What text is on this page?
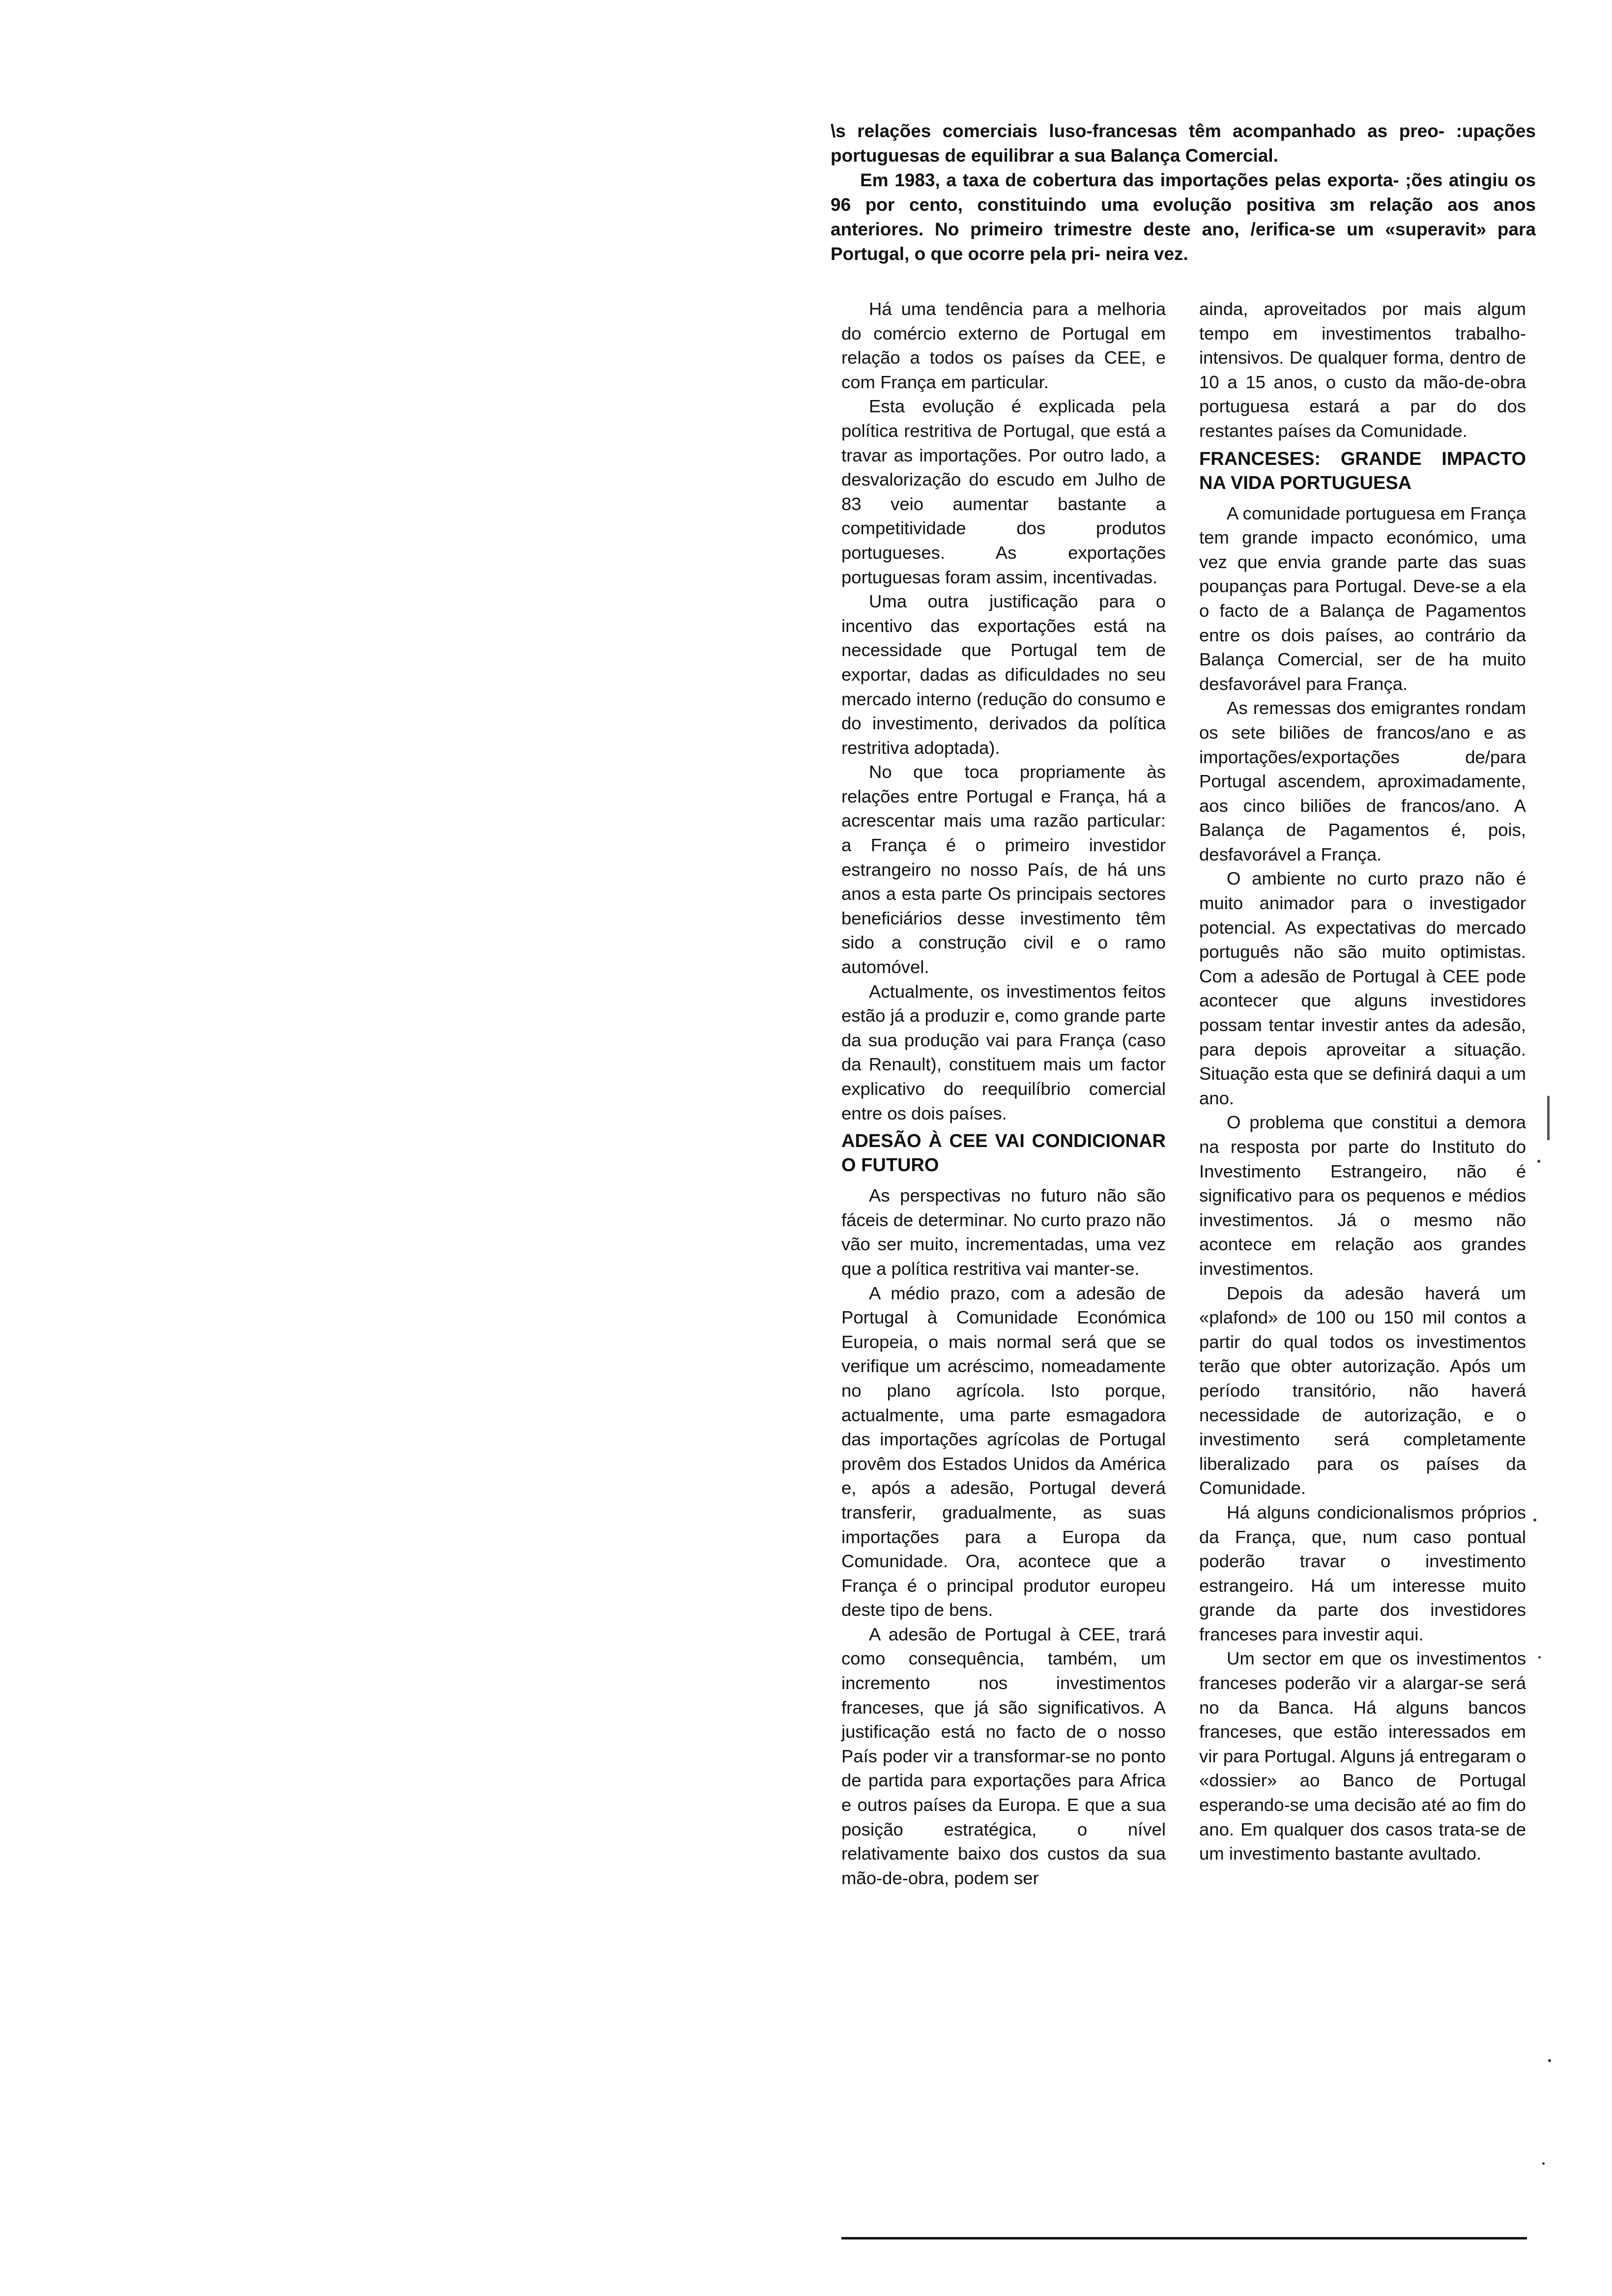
\s relações comerciais luso-francesas têm acompanhado as preo- :upações portuguesas de equilibrar a sua Balança Comercial.

Em 1983, a taxa de cobertura das importações pelas exporta- ;ões atingiu os 96 por cento, constituindo uma evolução positiva ɜm relação aos anos anteriores. No primeiro trimestre deste ano, /erifica-se um «superavit» para Portugal, o que ocorre pela pri- neira vez.

Há uma tendência para a melhoria do comércio externo de Portugal em relação a todos os países da CEE, e com França em particular.

Esta evolução é explicada pela política restritiva de Portugal, que está a travar as importações. Por outro lado, a desvalorização do escudo em Julho de 83 veio aumentar bastante a competitividade dos produtos portugueses. As exportações portuguesas foram assim, incentivadas.

Uma outra justificação para o incentivo das exportações está na necessidade que Portugal tem de exportar, dadas as dificuldades no seu mercado interno (redução do consumo e do investimento, derivados da política restritiva adoptada).

No que toca propriamente às relações entre Portugal e França, há a acrescentar mais uma razão particular: a França é o primeiro investidor estrangeiro no nosso País, de há uns anos a esta parte Os principais sectores beneficiários desse investimento têm sido a construção civil e o ramo automóvel.

Actualmente, os investimentos feitos estão já a produzir e, como grande parte da sua produção vai para França (caso da Renault), constituem mais um factor explicativo do reequilíbrio comercial entre os dois países.

ADESÃO À CEE VAI CONDICIONAR O FUTURO

As perspectivas no futuro não são fáceis de determinar. No curto prazo não vão ser muito, incrementadas, uma vez que a política restritiva vai manter-se.

A médio prazo, com a adesão de Portugal à Comunidade Económica Europeia, o mais normal será que se verifique um acréscimo, nomeadamente no plano agrícola. Isto porque, actualmente, uma parte esmagadora das importações agrícolas de Portugal provêm dos Estados Unidos da América e, após a adesão, Portugal deverá transferir, gradualmente, as suas importações para a Europa da Comunidade. Ora, acontece que a França é o principal produtor europeu deste tipo de bens.

A adesão de Portugal à CEE, trará como consequência, também, um incremento nos investimentos franceses, que já são significativos. A justificação está no facto de o nosso País poder vir a transformar-se no ponto de partida para exportações para Africa e outros países da Europa. E que a sua posição estratégica, o nível relativamente baixo dos custos da sua mão-de-obra, podem ser

ainda, aproveitados por mais algum tempo em investimentos trabalho-intensivos. De qualquer forma, dentro de 10 a 15 anos, o custo da mão-de-obra portuguesa estará a par do dos restantes países da Comunidade.

FRANCESES: GRANDE IMPACTO NA VIDA PORTUGUESA

A comunidade portuguesa em França tem grande impacto económico, uma vez que envia grande parte das suas poupanças para Portugal. Deve-se a ela o facto de a Balança de Pagamentos entre os dois países, ao contrário da Balança Comercial, ser de ha muito desfavorável para França.

As remessas dos emigrantes rondam os sete biliões de francos/ano e as importações/exportações de/para Portugal ascendem, aproximadamente, aos cinco biliões de francos/ano. A Balança de Pagamentos é, pois, desfavorável a França.

O ambiente no curto prazo não é muito animador para o investigador potencial. As expectativas do mercado português não são muito optimistas. Com a adesão de Portugal à CEE pode acontecer que alguns investidores possam tentar investir antes da adesão, para depois aproveitar a situação. Situação esta que se definirá daqui a um ano.

O problema que constitui a demora na resposta por parte do Instituto do Investimento Estrangeiro, não é significativo para os pequenos e médios investimentos. Já o mesmo não acontece em relação aos grandes investimentos.

Depois da adesão haverá um «plafond» de 100 ou 150 mil contos a partir do qual todos os investimentos terão que obter autorização. Após um período transitório, não haverá necessidade de autorização, e o investimento será completamente liberalizado para os países da Comunidade.

Há alguns condicionalismos próprios da França, que, num caso pontual poderão travar o investimento estrangeiro. Há um interesse muito grande da parte dos investidores franceses para investir aqui.

Um sector em que os investimentos franceses poderão vir a alargar-se será no da Banca. Há alguns bancos franceses, que estão interessados em vir para Portugal. Alguns já entregaram o «dossier» ao Banco de Portugal esperando-se uma decisão até ao fim do ano. Em qualquer dos casos trata-se de um investimento bastante avultado.
